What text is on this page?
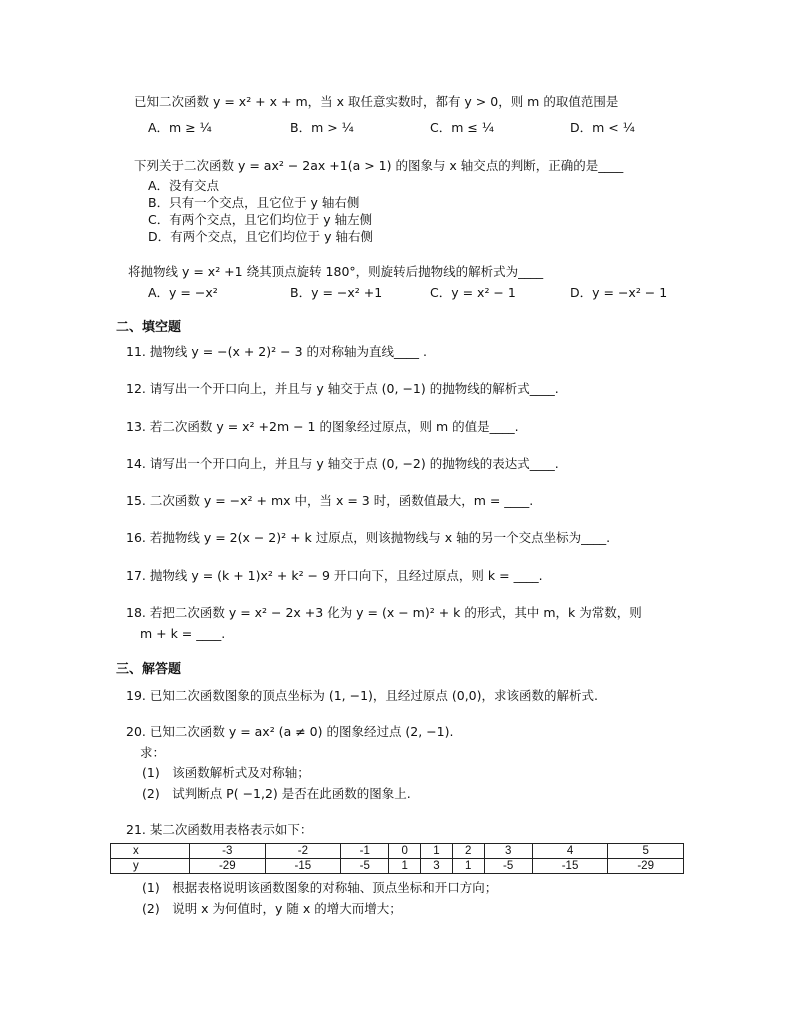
已知二次函数 y = x² + x + m，当 x 取任意实数时，都有 y > 0，则 m 的取值范围是
A．m ≥ ¼	B．m > ¼	C．m ≤ ¼	D．m < ¼
下列关于二次函数 y = ax² − 2ax +1(a > 1) 的图象与 x 轴交点的判断，正确的是____
A．没有交点
B．只有一个交点，且它位于 y 轴右侧
C．有两个交点，且它们均位于 y 轴左侧
D．有两个交点，且它们均位于 y 轴右侧
将抛物线 y = x² +1 绕其顶点旋转 180°，则旋转后抛物线的解析式为____
A．y = −x²	B．y = −x² +1	C．y = x² − 1	D．y = −x² − 1
二、填空题
11. 抛物线 y = −(x + 2)² − 3 的对称轴为直线____ .
12. 请写出一个开口向上，并且与 y 轴交于点 (0, −1) 的抛物线的解析式____.
13. 若二次函数 y = x² +2m − 1 的图象经过原点，则 m 的值是____.
14. 请写出一个开口向上，并且与 y 轴交于点 (0, −2) 的抛物线的表达式____.
15. 二次函数 y = −x² + mx 中，当 x = 3 时，函数值最大，m = ____.
16. 若抛物线 y = 2(x − 2)² + k 过原点，则该抛物线与 x 轴的另一个交点坐标为____.
17. 抛物线 y = (k + 1)x² + k² − 9 开口向下，且经过原点，则 k = ____.
18. 若把二次函数 y = x² − 2x +3 化为 y = (x − m)² + k 的形式，其中 m，k 为常数，则
m + k = ____.
三、解答题
19. 已知二次函数图象的顶点坐标为 (1, −1)，且经过原点 (0,0)，求该函数的解析式.
20. 已知二次函数 y = ax² (a ≠ 0) 的图象经过点 (2, −1).
求：
(1)　该函数解析式及对称轴；
(2)　试判断点 P( −1,2) 是否在此函数的图象上.
21. 某二次函数用表格表示如下：
x	-3	-2	-1	0	1	2	3	4	5
y	-29	-15	-5	1	3	1	-5	-15	-29
(1)　根据表格说明该函数图象的对称轴、顶点坐标和开口方向；
(2)　说明 x 为何值时，y 随 x 的增大而增大；
